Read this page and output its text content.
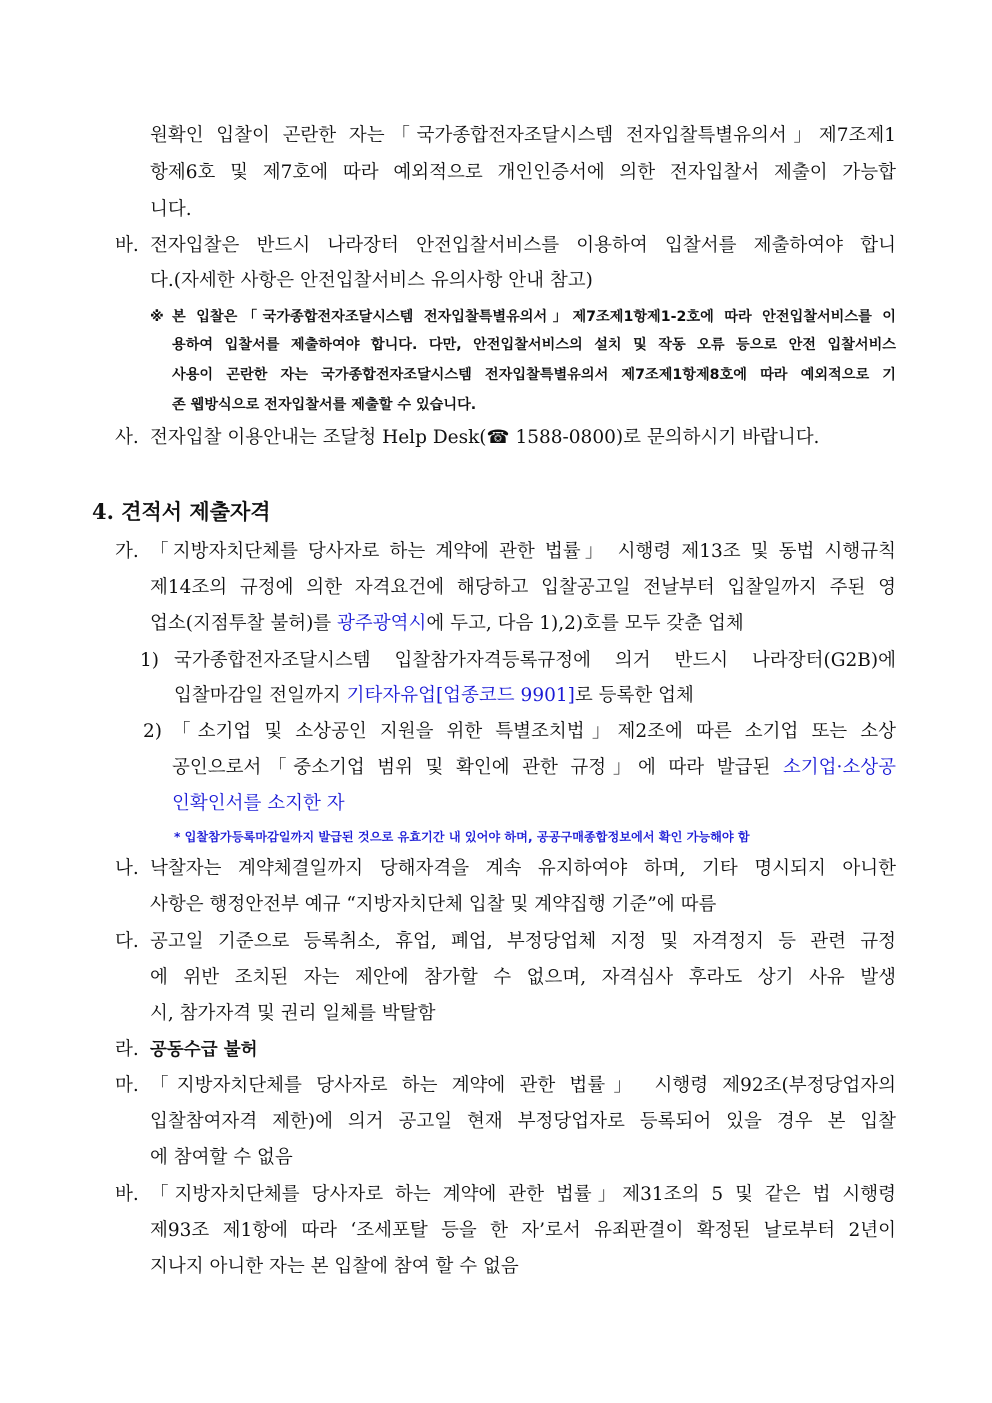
원확인 입찰이 곤란한 자는「국가종합전자조달시스템 전자입찰특별유의서」제7조제1
항제6호 및 제7호에 따라 예외적으로 개인인증서에 의한 전자입찰서 제출이 가능합
니다.
바. 전자입찰은 반드시 나라장터 안전입찰서비스를 이용하여 입찰서를 제출하여야 합니
다.(자세한 사항은 안전입찰서비스 유의사항 안내 참고)
※ 본 입찰은「국가종합전자조달시스템 전자입찰특별유의서」제7조제1항제1-2호에 따라 안전입찰서비스를 이
용하여 입찰서를 제출하여야 합니다. 다만, 안전입찰서비스의 설치 및 작동 오류 등으로 안전 입찰서비스
사용이 곤란한 자는 국가종합전자조달시스템 전자입찰특별유의서 제7조제1항제8호에 따라 예외적으로 기
존 웹방식으로 전자입찰서를 제출할 수 있습니다.
사. 전자입찰 이용안내는 조달청 Help Desk(☎ 1588-0800)로 문의하시기 바랍니다.
4. 견적서 제출자격
가. 「지방자치단체를 당사자로 하는 계약에 관한 법률」 시행령 제13조 및 동법 시행규칙
제14조의 규정에 의한 자격요건에 해당하고 입찰공고일 전날부터 입찰일까지 주된 영
업소(지점투찰 불허)를 광주광역시에 두고, 다음 1),2)호를 모두 갖춘 업체
1) 국가종합전자조달시스템 입찰참가자격등록규정에 의거 반드시 나라장터(G2B)에
입찰마감일 전일까지 기타자유업[업종코드 9901]로 등록한 업체
2) 「소기업 및 소상공인 지원을 위한 특별조치법」제2조에 따른 소기업 또는 소상
공인으로서「중소기업 범위 및 확인에 관한 규정」에 따라 발급된 소기업·소상공
인확인서를 소지한 자
* 입찰참가등록마감일까지 발급된 것으로 유효기간 내 있어야 하며, 공공구매종합정보에서 확인 가능해야 함
나. 낙찰자는 계약체결일까지 당해자격을 계속 유지하여야 하며, 기타 명시되지 아니한
사항은 행정안전부 예규 “지방자치단체 입찰 및 계약집행 기준”에 따름
다. 공고일 기준으로 등록취소, 휴업, 폐업, 부정당업체 지정 및 자격정지 등 관련 규정
에 위반 조치된 자는 제안에 참가할 수 없으며, 자격심사 후라도 상기 사유 발생
시, 참가자격 및 권리 일체를 박탈함
라. 공동수급 불허
마. 「지방자치단체를 당사자로 하는 계약에 관한 법률」 시행령 제92조(부정당업자의
입찰참여자격 제한)에 의거 공고일 현재 부정당업자로 등록되어 있을 경우 본 입찰
에 참여할 수 없음
바. 「지방자치단체를 당사자로 하는 계약에 관한 법률」제31조의 5 및 같은 법 시행령
제93조 제1항에 따라 ‘조세포탈 등을 한 자’로서 유죄판결이 확정된 날로부터 2년이
지나지 아니한 자는 본 입찰에 참여 할 수 없음
